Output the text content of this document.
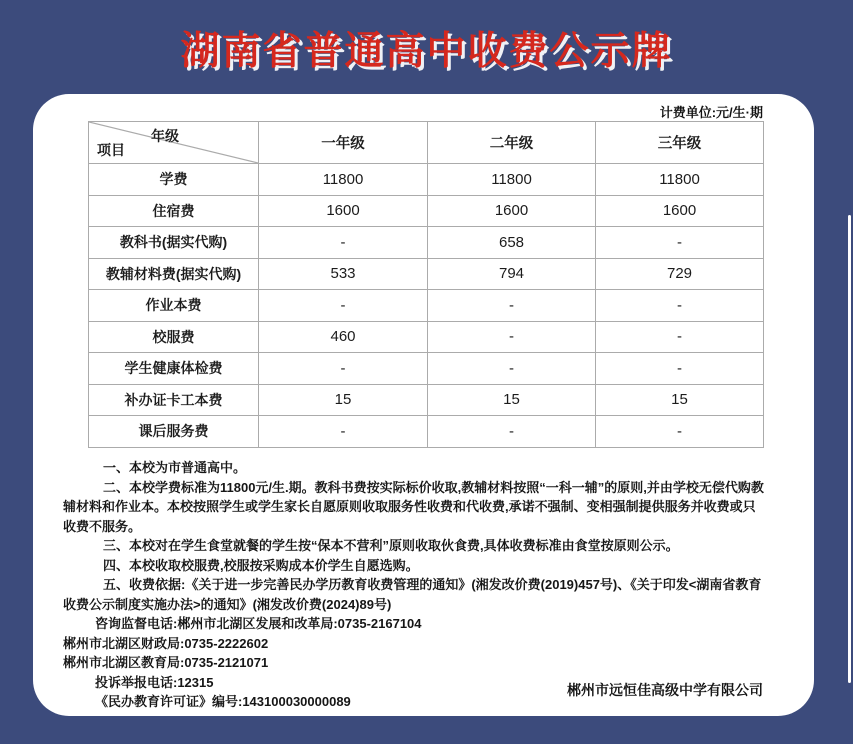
湖南省普通高中收费公示牌
计费单位:元/生·期
年级
项目	一年级	二年级	三年级
学费	11800	11800	11800
住宿费	1600	1600	1600
教科书(据实代购)	-	658	-
教辅材料费(据实代购)	533	794	729
作业本费	-	-	-
校服费	460	-	-
学生健康体检费	-	-	-
补办证卡工本费	15	15	15
课后服务费	-	-	-

一、本校为市普通高中。

二、本校学费标准为11800元/生.期。教科书费按实际标价收取,教辅材料按照“一科一辅”的原则,并由学校无偿代购教辅材料和作业本。本校按照学生或学生家长自愿原则收取服务性收费和代收费,承诺不强制、变相强制提供服务并收费或只收费不服务。

三、本校对在学生食堂就餐的学生按“保本不营利”原则收取伙食费,具体收费标准由食堂按原则公示。

四、本校收取校服费,校服按采购成本价学生自愿选购。

五、收费依据:《关于进一步完善民办学历教育收费管理的通知》(湘发改价费(2019)457号)、《关于印发<湖南省教育收费公示制度实施办法>的通知》(湘发改价费(2024)89号)

咨询监督电话:郴州市北湖区发展和改革局:0735-2167104

郴州市北湖区财政局:0735-2222602

郴州市北湖区教育局:0735-2121071

投诉举报电话:12315

《民办教育许可证》编号:143100030000089

郴州市远恒佳高级中学有限公司
